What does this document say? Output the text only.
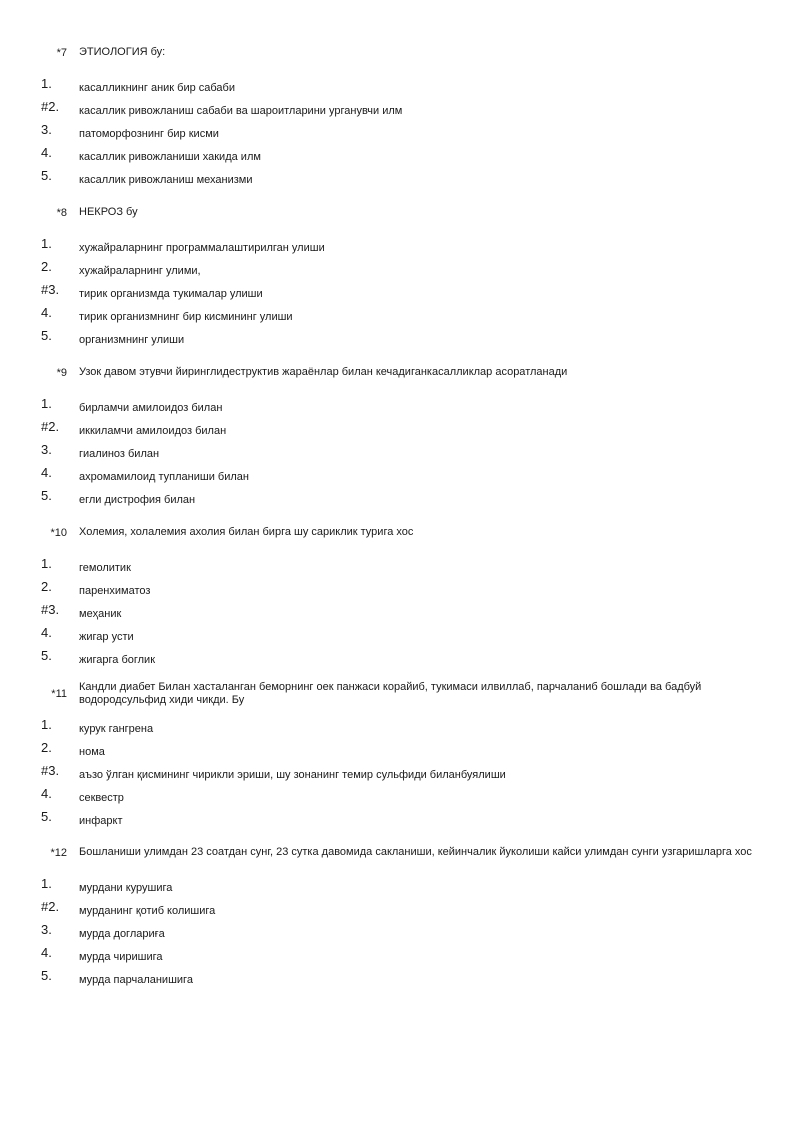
*7 ЭТИОЛОГИЯ бу:
1. касалликнинг аник бир сабаби
#2. касаллик ривожланиш сабаби ва шароитларини урганувчи илм
3. патоморфознинг бир кисми
4. касаллик ривожланиши хакида илм
5. касаллик ривожланиш механизми
*8 НЕКРОЗ бу
1. хужайраларнинг программалаштирилган улиши
2. хужайраларнинг улими,
#3. тирик организмда тукималар улиши
4. тирик организмнинг бир кисмининг улиши
5. организмнинг улиши
*9 Узок давом этувчи йиринглидеструктив жараёнлар билан кечадиганкасалликлар асоратланади
1. бирламчи амилоидоз билан
#2. иккиламчи амилоидоз билан
3. гиалиноз билан
4. ахромамилоид тупланиши билан
5. егли дистрофия билан
*10 Холемия, холалемия ахолия билан бирга шу сариклик турига хос
1. гемолитик
2. паренхиматоз
#3. меҳаник
4. жигар усти
5. жигарга боглик
*11
Кандли диабет Билан хасталанган беморнинг оек панжаси корайиб, тукимаси илвиллаб, парчаланиб бошлади ва бадбуй водородсульфид хиди чикди. Бу
1. курук гангрена
2. нома
#3. аъзо ўлган қисмининг чирикли эриши, шу зонанинг темир сульфиди биланбуялиши
4. секвестр
5. инфаркт
*12 Бошланиши улимдан 23 соатдан сунг, 23 сутка давомида сакланиши, кейинчалик йуколиши кайси улимдан сунги узгаришларга хос
1. мурдани курушига
#2. мурданинг қотиб колишига
3. мурда доглариға
4. мурда чиришига
5. мурда парчаланишига
